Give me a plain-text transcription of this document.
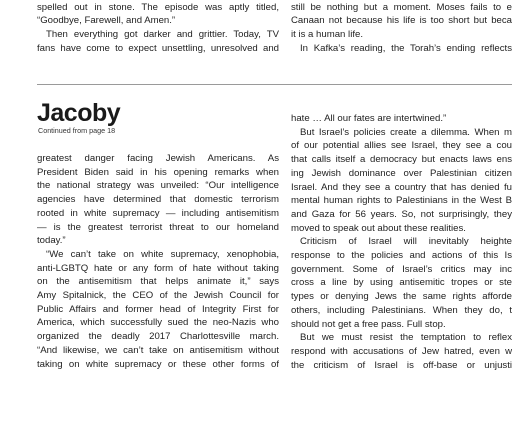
spelled out in stone. The episode was aptly titled,
“Goodbye, Farewell, and Amen.”
Then everything got darker and grittier. Today, TV
fans have come to expect unsettling, unresolved and
still be nothing but a moment. Moses fails to e
Canaan not because his life is too short but beca
it is a human life.
In Kafka’s reading, the Torah’s ending reflects
Jacoby

Continued from page 18

greatest danger facing Jewish Americans. As
President Biden said in his opening remarks when
the national strategy was unveiled: “Our intelligence
agencies have determined that domestic terrorism
rooted in white supremacy — including antisemitism
— is the greatest terrorist threat to our homeland
today.”
“We can’t take on white supremacy, xenophobia,
anti-LGBTQ hate or any form of hate without taking
on the antisemitism that helps animate it,” says
Amy Spitalnick, the CEO of the Jewish Council for
Public Affairs and former head of Integrity First for
America, which successfully sued the neo-Nazis who
organized the deadly 2017 Charlottesville march.
“And likewise, we can’t take on antisemitism without
taking on white supremacy or these other forms of
hate … All our fates are intertwined.”
But Israel’s policies create a dilemma. When m
of our potential allies see Israel, they see a cou
that calls itself a democracy but enacts laws ens
ing Jewish dominance over Palestinian citizen
Israel. And they see a country that has denied fu
mental human rights to Palestinians in the West B
and Gaza for 56 years. So, not surprisingly, they
moved to speak out about these realities.
Criticism of Israel will inevitably heighte
response to the policies and actions of this Is
government. Some of Israel’s critics may inc
cross a line by using antisemitic tropes or ste
types or denying Jews the same rights afforde
others, including Palestinians. When they do, t
should not get a free pass. Full stop.
But we must resist the temptation to reflex
respond with accusations of Jew hatred, even w
the criticism of Israel is off-base or unjusti
